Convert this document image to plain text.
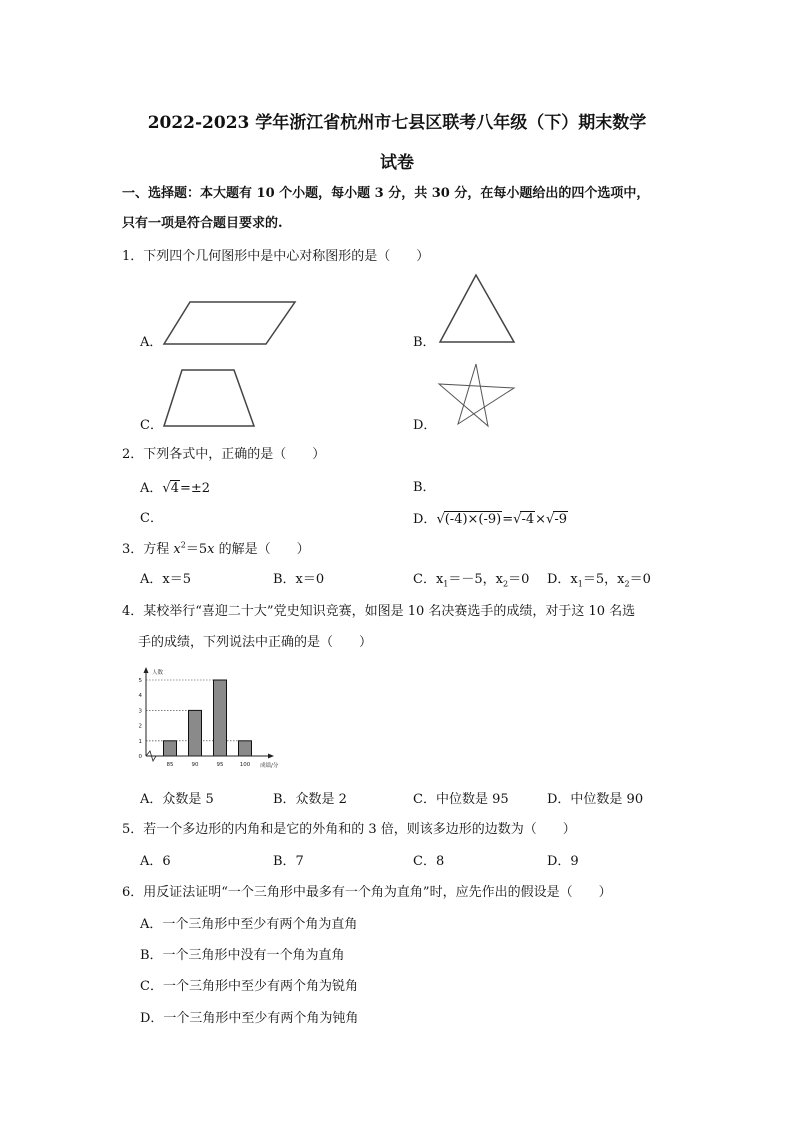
2022-2023 学年浙江省杭州市七县区联考八年级（下）期末数学
试卷
一、选择题：本大题有 10 个小题，每小题 3 分，共 30 分，在每小题给出的四个选项中，
只有一项是符合题目要求的.
1．下列四个几何图形中是中心对称图形的是（　　）
A．	B．
C．	D．
2．下列各式中，正确的是（　　）
A．√4=±2	B．
C．	D．√(-4)×(-9)=√-4×√-9
3．方程 $x^2=5x$ 的解是（　　）
A．x＝5	B．x＝0	C．$x_1=-5$，$x_2=0$ D．$x_1=5$，$x_2=0$
4．某校举行“喜迎二十大”党史知识竞赛，如图是 10 名决赛选手的成绩，对于这 10 名选
手的成绩，下列说法中正确的是（　　）
0
1
2
3
4
5
85	90	95	100
人数
成绩/分
A．众数是 5	B．众数是 2	C．中位数是 95	D．中位数是 90
5．若一个多边形的内角和是它的外角和的 3 倍，则该多边形的边数为（　　）
A．6	B．7	C．8	D．9
6．用反证法证明“一个三角形中最多有一个角为直角”时，应先作出的假设是（　　）
A．一个三角形中至少有两个角为直角
B．一个三角形中没有一个角为直角
C．一个三角形中至少有两个角为锐角
D．一个三角形中至少有两个角为钝角
